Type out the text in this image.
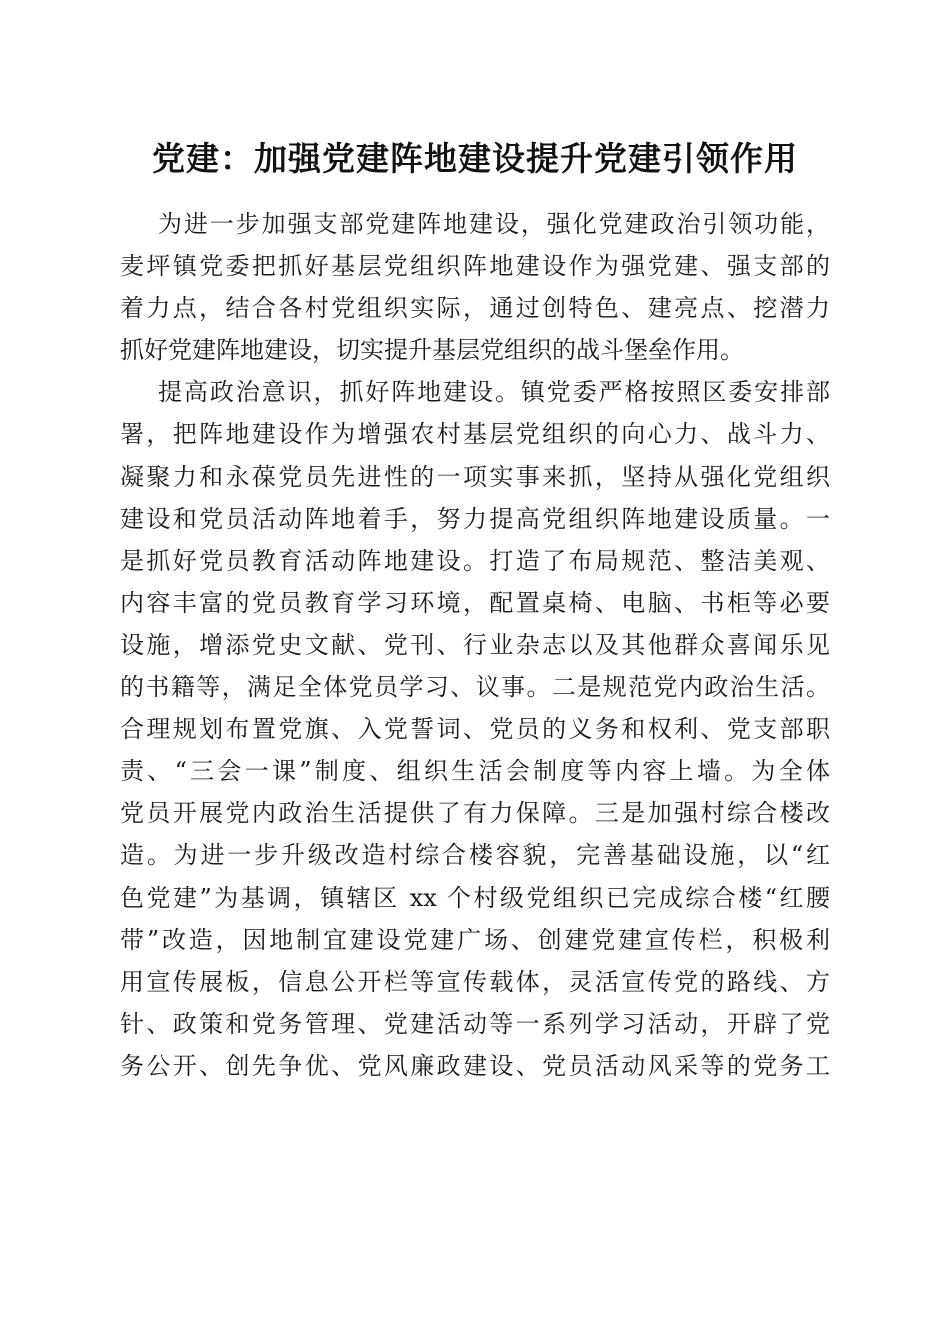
党建：加强党建阵地建设提升党建引领作用
为进一步加强支部党建阵地建设，强化党建政治引领功能，
麦坪镇党委把抓好基层党组织阵地建设作为强党建、强支部的
着力点，结合各村党组织实际，通过创特色、建亮点、挖潜力
抓好党建阵地建设，切实提升基层党组织的战斗堡垒作用。
提高政治意识，抓好阵地建设。镇党委严格按照区委安排部
署，把阵地建设作为增强农村基层党组织的向心力、战斗力、
凝聚力和永葆党员先进性的一项实事来抓，坚持从强化党组织
建设和党员活动阵地着手，努力提高党组织阵地建设质量。一
是抓好党员教育活动阵地建设。打造了布局规范、整洁美观、
内容丰富的党员教育学习环境，配置桌椅、电脑、书柜等必要
设施，增添党史文献、党刊、行业杂志以及其他群众喜闻乐见
的书籍等，满足全体党员学习、议事。二是规范党内政治生活。
合理规划布置党旗、入党誓词、党员的义务和权利、党支部职
责、“三会一课”制度、组织生活会制度等内容上墙。为全体
党员开展党内政治生活提供了有力保障。三是加强村综合楼改
造。为进一步升级改造村综合楼容貌，完善基础设施，以“红
色党建”为基调，镇辖区 xx 个村级党组织已完成综合楼“红腰
带”改造，因地制宜建设党建广场、创建党建宣传栏，积极利
用宣传展板，信息公开栏等宣传载体，灵活宣传党的路线、方
针、政策和党务管理、党建活动等一系列学习活动，开辟了党
务公开、创先争优、党风廉政建设、党员活动风采等的党务工
